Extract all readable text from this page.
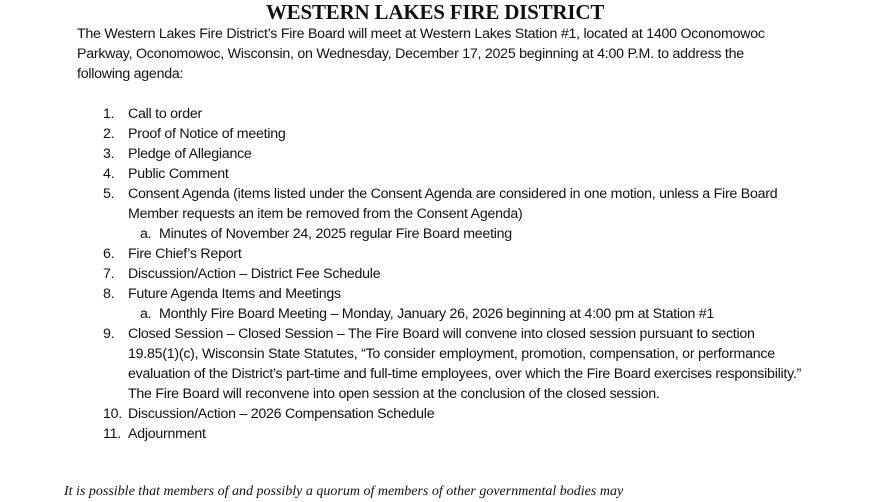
WESTERN LAKES FIRE DISTRICT
The Western Lakes Fire District’s Fire Board will meet at Western Lakes Station #1, located at 1400 Oconomowoc Parkway, Oconomowoc, Wisconsin, on Wednesday, December 17, 2025 beginning at 4:00 P.M. to address the following agenda:
1. Call to order
2. Proof of Notice of meeting
3. Pledge of Allegiance
4. Public Comment
5. Consent Agenda (items listed under the Consent Agenda are considered in one motion, unless a Fire Board Member requests an item be removed from the Consent Agenda)
a. Minutes of November 24, 2025 regular Fire Board meeting
6. Fire Chief’s Report
7. Discussion/Action – District Fee Schedule
8. Future Agenda Items and Meetings
a. Monthly Fire Board Meeting – Monday, January 26, 2026 beginning at 4:00 pm at Station #1
9. Closed Session – Closed Session – The Fire Board will convene into closed session pursuant to section 19.85(1)(c), Wisconsin State Statutes, “To consider employment, promotion, compensation, or performance evaluation of the District’s part-time and full-time employees, over which the Fire Board exercises responsibility.” The Fire Board will reconvene into open session at the conclusion of the closed session.
10. Discussion/Action – 2026 Compensation Schedule
11. Adjournment
It is possible that members of and possibly a quorum of members of other governmental bodies may
